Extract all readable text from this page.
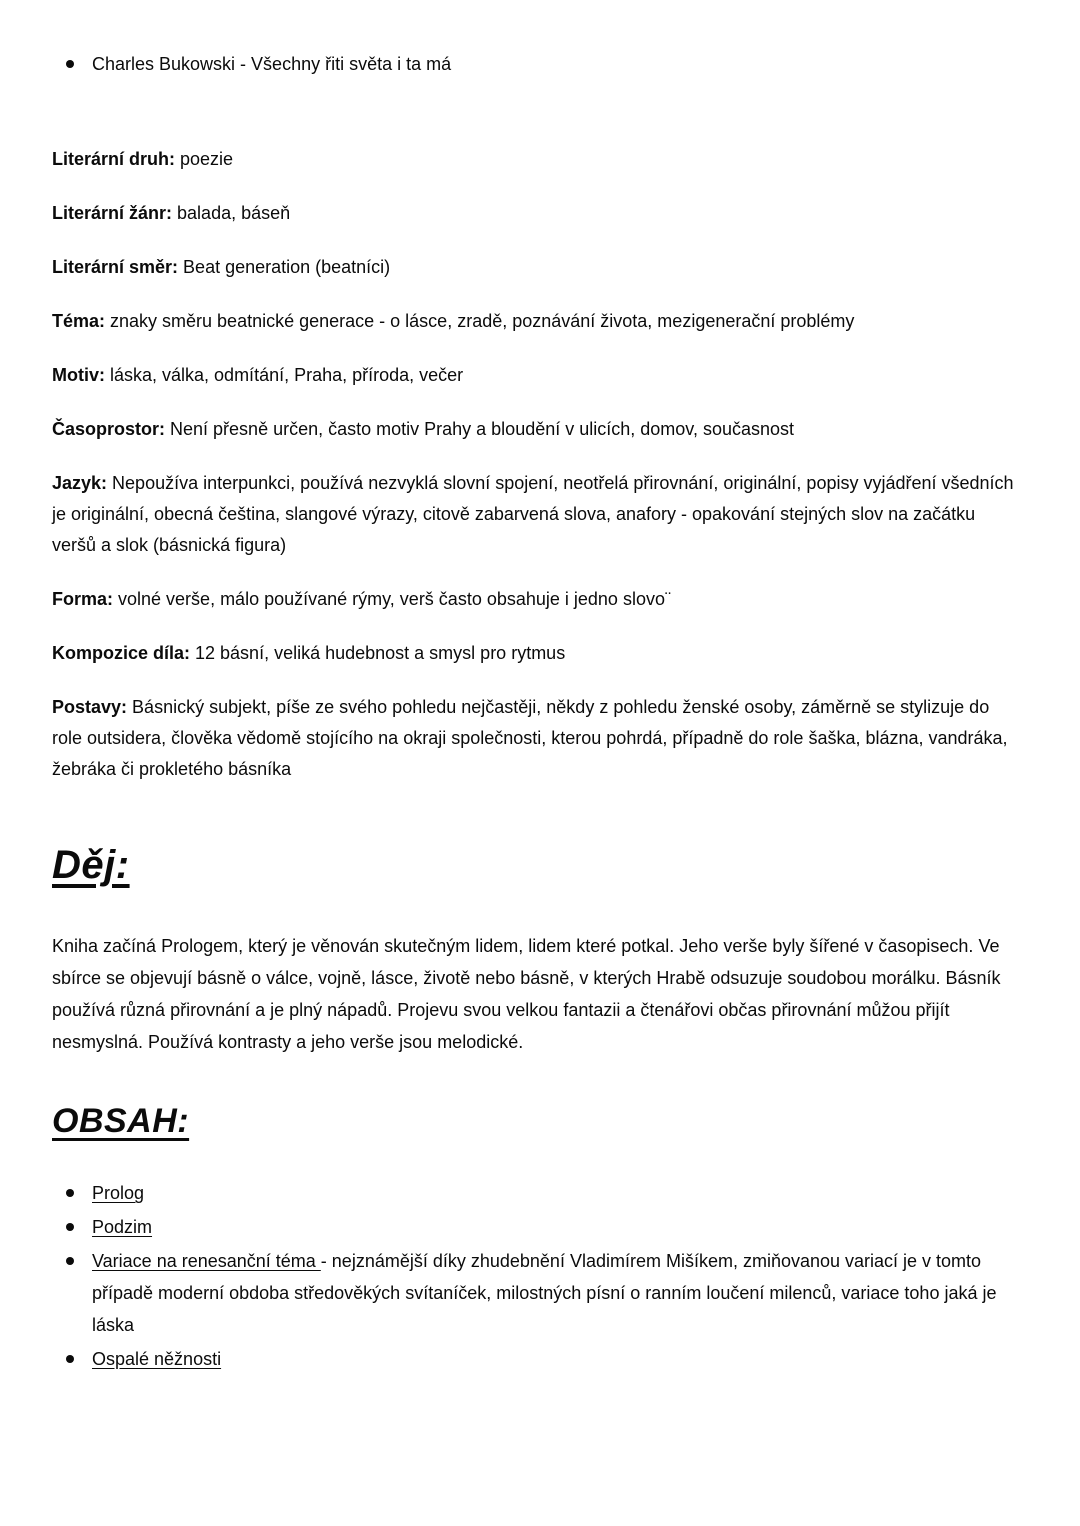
Charles Bukowski - Všechny řiti světa i ta má

Literární druh: poezie

Literární žánr: balada, báseň

Literární směr: Beat generation (beatníci)

Téma: znaky směru beatnické generace - o lásce, zradě, poznávání života, mezigenerační problémy

Motiv: láska, válka, odmítání, Praha, příroda, večer

Časoprostor: Není přesně určen, často motiv Prahy a bloudění v ulicích, domov, současnost

Jazyk: Nepoužíva interpunkci, používá nezvyklá slovní spojení, neotřelá přirovnání, originální, popisy vyjádření všedních je originální, obecná čeština, slangové výrazy, citově zabarvená slova, anafory - opakování stejných slov na začátku veršů a slok (básnická figura)

Forma: volné verše, málo používané rýmy, verš často obsahuje i jedno slovo¨

Kompozice díla: 12 básní, veliká hudebnost a smysl pro rytmus

Postavy: Básnický subjekt, píše ze svého pohledu nejčastěji, někdy z pohledu ženské osoby, záměrně se stylizuje do role outsidera, člověka vědomě stojícího na okraji společnosti, kterou pohrdá, případně do role šaška, blázna, vandráka, žebráka či prokletého básníka

Děj:

Kniha začíná Prologem, který je věnován skutečným lidem, lidem které potkal. Jeho verše byly šířené v časopisech. Ve sbírce se objevují básně o válce, vojně, lásce, životě nebo básně, v kterých Hrabě odsuzuje soudobou morálku. Básník používá různá přirovnání a je plný nápadů. Projevu svou velkou fantazii a čtenářovi občas přirovnání můžou přijít nesmyslná. Používá kontrasty a jeho verše jsou melodické.

OBSAH:
Prolog
Podzim
Variace na renesanční téma - nejznámější díky zhudebnění Vladimírem Mišíkem, zmiňovanou variací je v tomto případě moderní obdoba středověkých svítaníček, milostných písní o ranním loučení milenců, variace toho jaká je láska
Ospalé něžnosti
